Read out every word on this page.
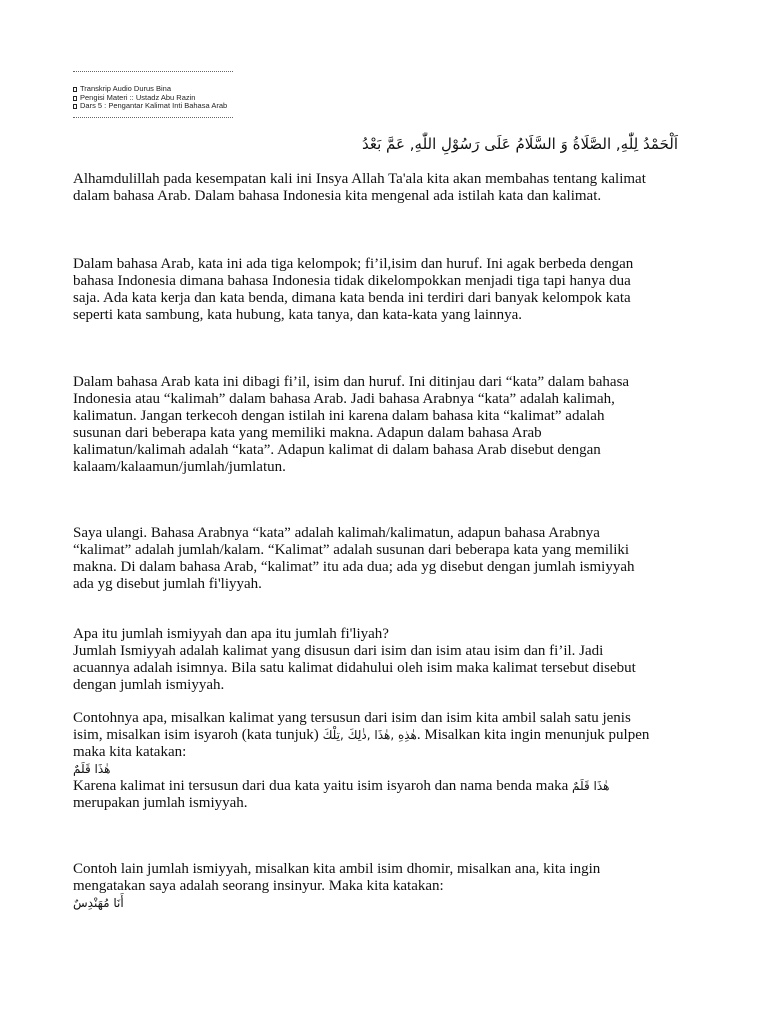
Transkrip Audio Durus Bina
Pengisi Materi :: Ustadz Abu Razin
Dars 5 : Pengantar Kalimat Inti Bahasa Arab
اَلْحَمْدُ لِلّٰهِ, الصَّلَاةُ وَ السَّلَامُ عَلَى رَسُوْلِ اللّٰهِ, عَمَّ بَعْدُ
Alhamdulillah pada kesempatan kali ini Insya Allah Ta'ala kita akan membahas tentang kalimat
dalam bahasa Arab. Dalam bahasa Indonesia kita mengenal ada istilah kata dan kalimat.
Dalam bahasa Arab, kata ini ada tiga kelompok; fi’il,isim dan huruf. Ini agak berbeda dengan
bahasa Indonesia dimana bahasa Indonesia tidak dikelompokkan menjadi tiga tapi hanya dua
saja. Ada kata kerja dan kata benda, dimana kata benda ini terdiri dari banyak kelompok kata
seperti kata sambung, kata hubung, kata tanya, dan kata-kata yang lainnya.
Dalam bahasa Arab kata ini dibagi fi’il, isim dan huruf. Ini ditinjau dari “kata” dalam bahasa
Indonesia atau “kalimah” dalam bahasa Arab. Jadi bahasa Arabnya “kata” adalah kalimah,
kalimatun. Jangan terkecoh dengan istilah ini karena dalam bahasa kita “kalimat” adalah
susunan dari beberapa kata yang memiliki makna. Adapun dalam bahasa Arab
kalimatun/kalimah adalah “kata”. Adapun kalimat di dalam bahasa Arab disebut dengan
kalaam/kalaamun/jumlah/jumlatun.
Saya ulangi. Bahasa Arabnya “kata” adalah kalimah/kalimatun, adapun bahasa Arabnya
“kalimat” adalah jumlah/kalam. “Kalimat” adalah susunan dari beberapa kata yang memiliki
makna. Di dalam bahasa Arab, “kalimat” itu ada dua; ada yg disebut dengan jumlah ismiyyah
ada yg disebut jumlah fi'liyyah.
Apa itu jumlah ismiyyah dan apa itu jumlah fi'liyah?
Jumlah Ismiyyah adalah kalimat yang disusun dari isim dan isim atau isim dan fi’il. Jadi
acuannya adalah isimnya. Bila satu kalimat didahului oleh isim maka kalimat tersebut disebut
dengan jumlah ismiyyah.
Contohnya apa, misalkan kalimat yang tersusun dari isim dan isim kita ambil salah satu jenis
isim, misalkan isim isyaroh (kata tunjuk) هٰذِهِ ,هٰذَا ,ذٰلِكَ ,تِلْكَ. Misalkan kita ingin menunjuk pulpen
maka kita katakan:
هٰذَا قَلَمٌ
Karena kalimat ini tersusun dari dua kata yaitu isim isyaroh dan nama benda maka هٰذَا قَلَمٌ
merupakan jumlah ismiyyah.
Contoh lain jumlah ismiyyah, misalkan kita ambil isim dhomir, misalkan ana, kita ingin
mengatakan saya adalah seorang insinyur. Maka kita katakan:
أَنَا مُهَنْدِسٌ
